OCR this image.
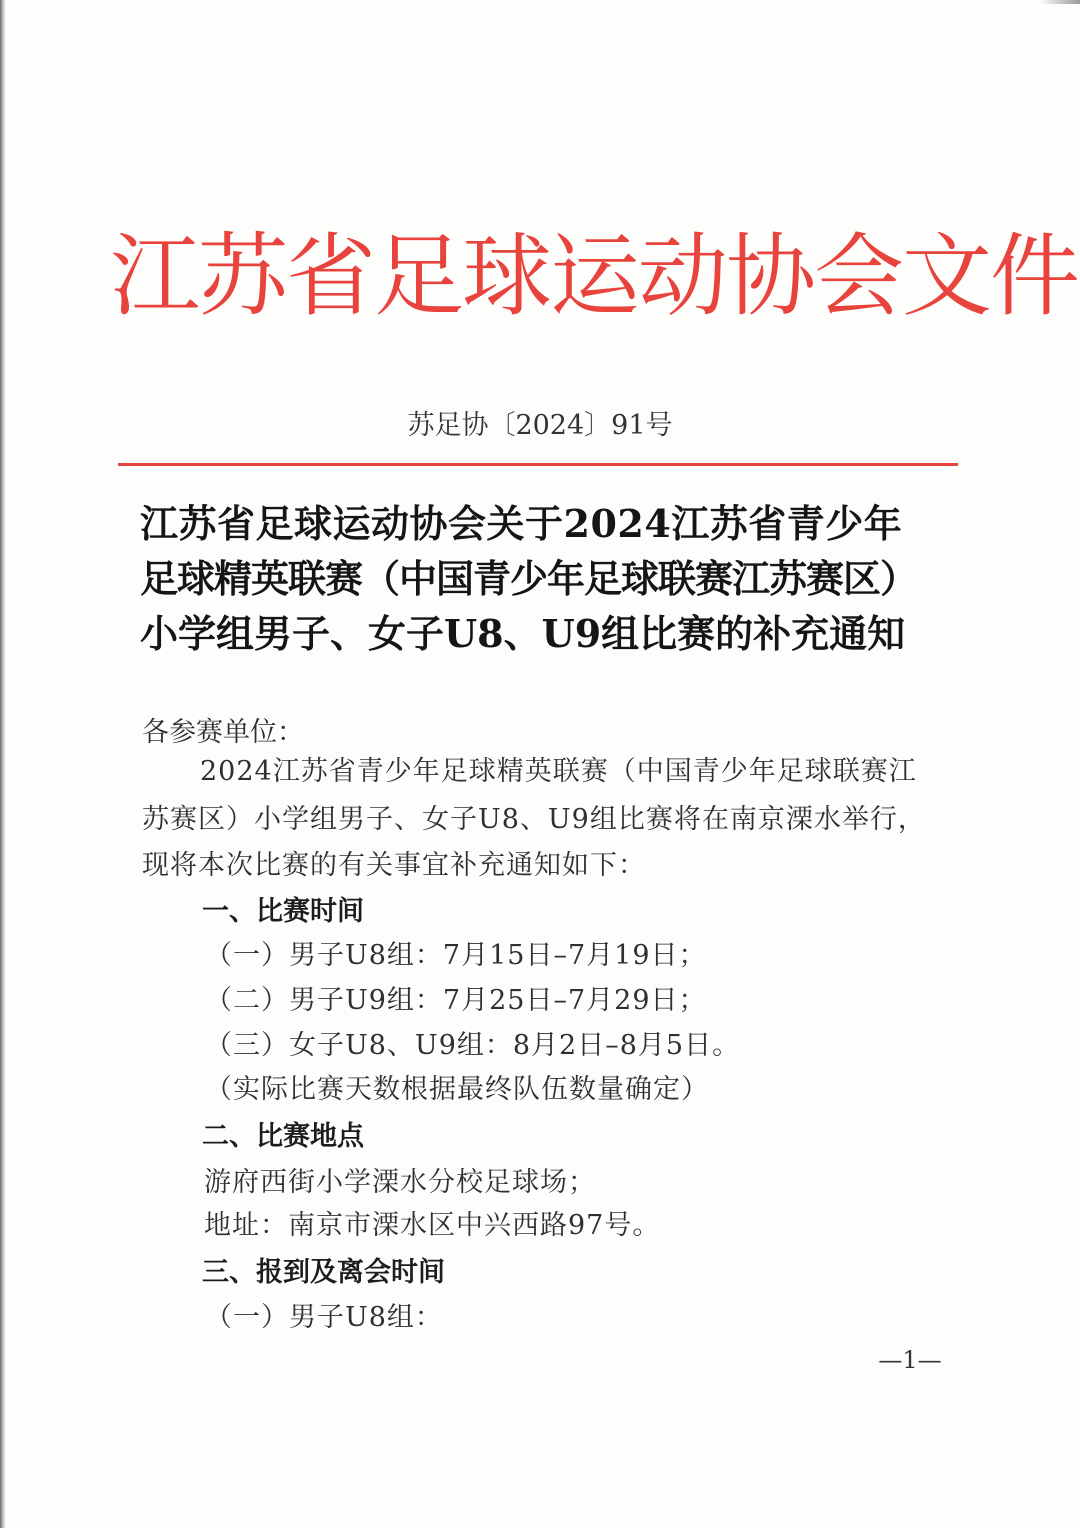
江苏省足球运动协会文件
苏足协〔2024〕91号
江苏省足球运动协会关于2024江苏省青少年
足球精英联赛（中国青少年足球联赛江苏赛区）
小学组男子、女子U8、U9组比赛的补充通知
各参赛单位：
2024江苏省青少年足球精英联赛（中国青少年足球联赛江
苏赛区）小学组男子、女子U8、U9组比赛将在南京溧水举行，
现将本次比赛的有关事宜补充通知如下：
一、比赛时间
（一）男子U8组：7月15日–7月19日；
（二）男子U9组：7月25日–7月29日；
（三）女子U8、U9组：8月2日–8月5日。
（实际比赛天数根据最终队伍数量确定）
二、比赛地点
游府西街小学溧水分校足球场；
地址：南京市溧水区中兴西路97号。
三、报到及离会时间
（一）男子U8组：
—1—
